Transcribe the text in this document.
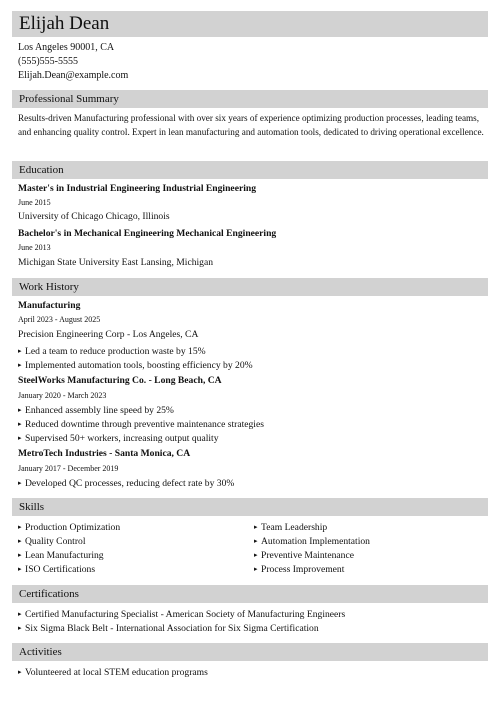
Elijah Dean
Los Angeles 90001, CA
(555)555-5555
Elijah.Dean@example.com
Professional Summary
Results-driven Manufacturing professional with over six years of experience optimizing production processes, leading teams, and enhancing quality control. Expert in lean manufacturing and automation tools, dedicated to driving operational excellence.
Education
Master's in Industrial Engineering Industrial Engineering
June 2015
University of Chicago Chicago, Illinois
Bachelor's in Mechanical Engineering Mechanical Engineering
June 2013
Michigan State University East Lansing, Michigan
Work History
Manufacturing
April 2023 - August 2025
Precision Engineering Corp - Los Angeles, CA
▸ Led a team to reduce production waste by 15%
▸ Implemented automation tools, boosting efficiency by 20%
SteelWorks Manufacturing Co. - Long Beach, CA
January 2020 - March 2023
▸ Enhanced assembly line speed by 25%
▸ Reduced downtime through preventive maintenance strategies
▸ Supervised 50+ workers, increasing output quality
MetroTech Industries - Santa Monica, CA
January 2017 - December 2019
▸ Developed QC processes, reducing defect rate by 30%
Skills
▸ Production Optimization
▸ Quality Control
▸ Lean Manufacturing
▸ ISO Certifications
▸ Team Leadership
▸ Automation Implementation
▸ Preventive Maintenance
▸ Process Improvement
Certifications
▸ Certified Manufacturing Specialist - American Society of Manufacturing Engineers
▸ Six Sigma Black Belt - International Association for Six Sigma Certification
Activities
▸ Volunteered at local STEM education programs
